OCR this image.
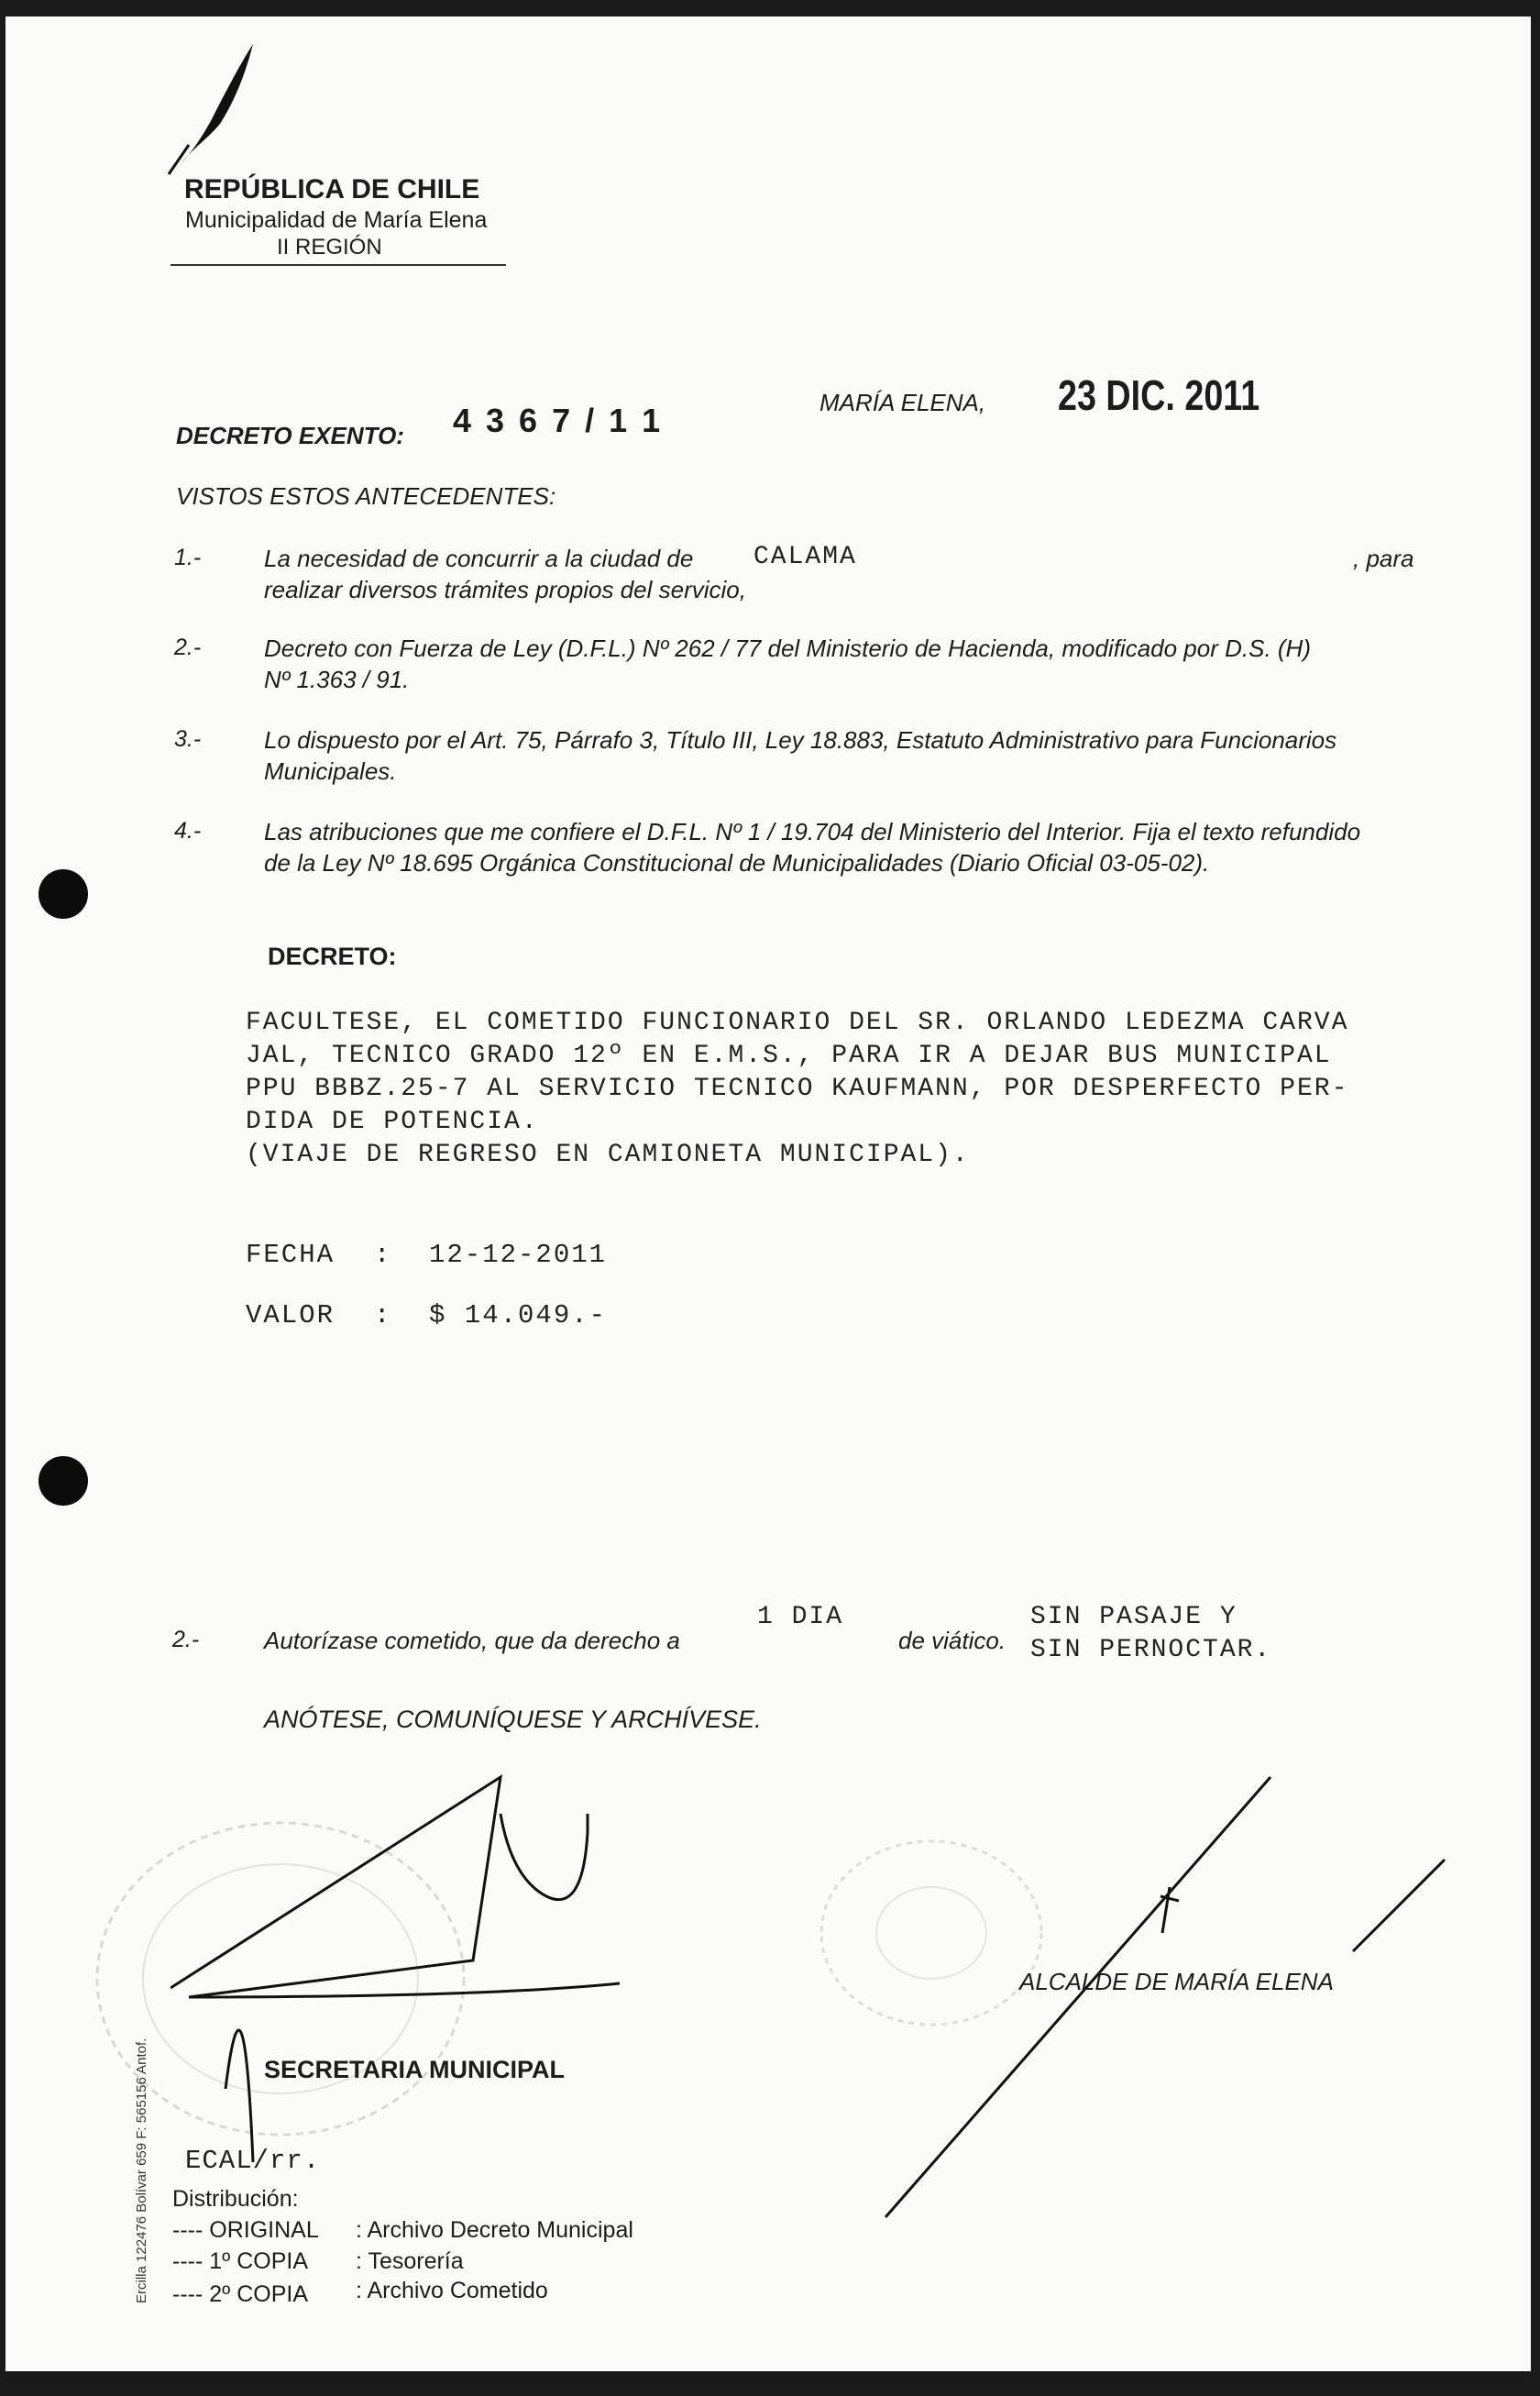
REPÚBLICA DE CHILE
Municipalidad de María Elena
II REGIÓN
DECRETO EXENTO: 4 3 6 7 / 1 1	MARÍA ELENA, 23 DIC. 2011
VISTOS ESTOS ANTECEDENTES:
1.-	La necesidad de concurrir a la ciudad de CALAMA	, para
realizar diversos trámites propios del servicio,
2.-	Decreto con Fuerza de Ley (D.F.L.) Nº 262 / 77 del Ministerio de Hacienda, modificado por D.S. (H)
Nº 1.363 / 91.
3.-	Lo dispuesto por el Art. 75, Párrafo 3, Título III, Ley 18.883, Estatuto Administrativo para Funcionarios
Municipales.
4.-	Las atribuciones que me confiere el D.F.L. Nº 1 / 19.704 del Ministerio del Interior. Fija el texto refundido
de la Ley Nº 18.695 Orgánica Constitucional de Municipalidades (Diario Oficial 03-05-02).
DECRETO:
FACULTESE, EL COMETIDO FUNCIONARIO DEL SR. ORLANDO LEDEZMA CARVA
JAL, TECNICO GRADO 12º EN E.M.S., PARA IR A DEJAR BUS MUNICIPAL
PPU BBBZ.25-7 AL SERVICIO TECNICO KAUFMANN, POR DESPERFECTO PER-
DIDA DE POTENCIA.
(VIAJE DE REGRESO EN CAMIONETA MUNICIPAL).
FECHA : 12-12-2011
VALOR : $ 14.049.-
2.-	Autorízase cometido, que da derecho a
1 DIA
de viático.
SIN PASAJE Y
SIN PERNOCTAR.
ANÓTESE, COMUNÍQUESE Y ARCHÍVESE.
ALCALDE DE MARÍA ELENA
SECRETARIA MUNICIPAL
ECAL/rr.
Distribución:
---- ORIGINAL : Archivo Decreto Municipal
---- 1º COPIA : Tesorería
---- 2º COPIA : Archivo Cometido
Ercilla 122476 Bolívar 659 F: 565156 Antof.
